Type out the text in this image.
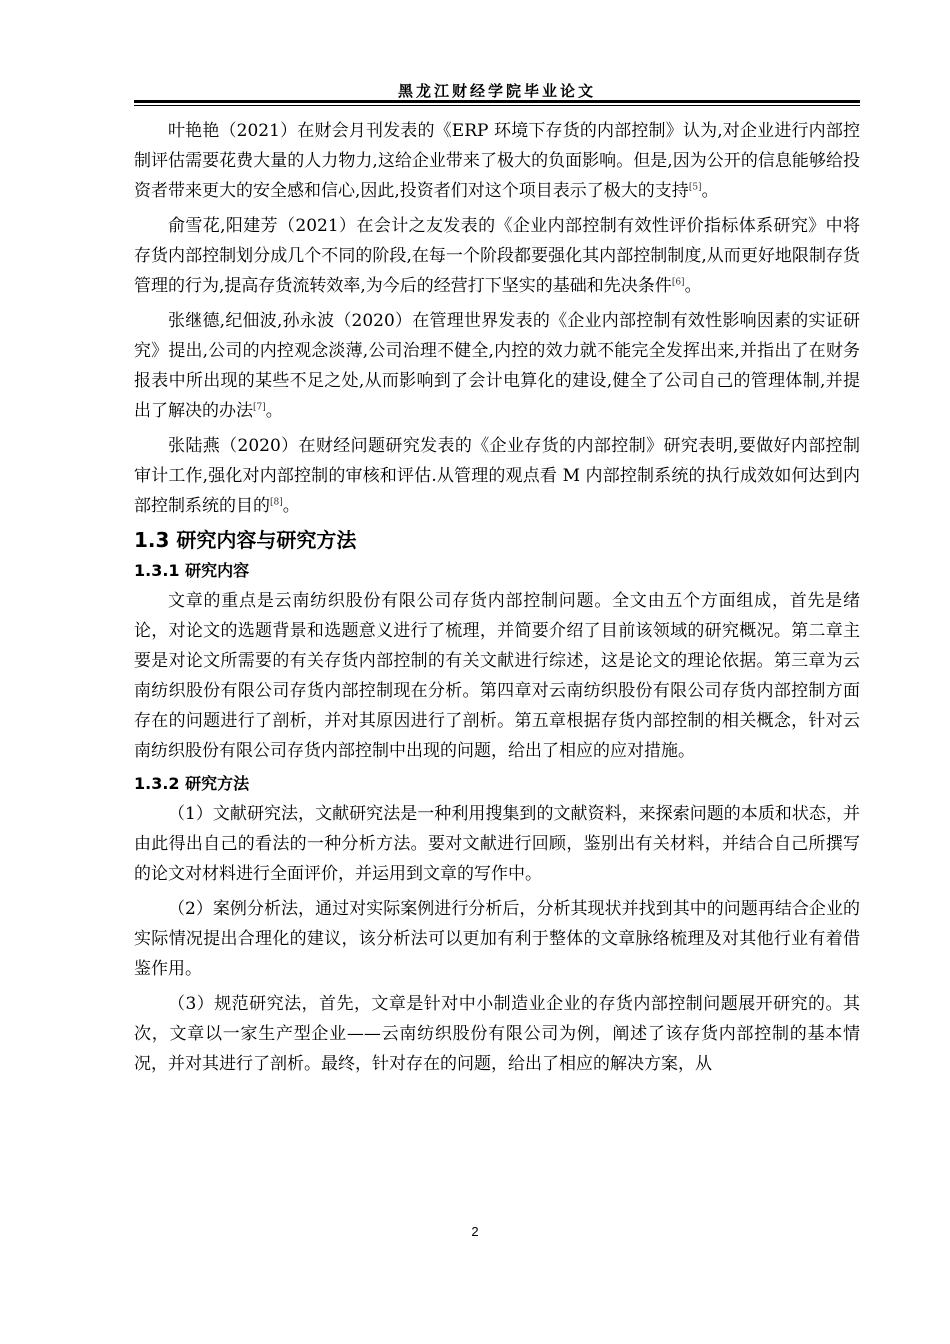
黑龙江财经学院毕业论文

叶艳艳（2021）在财会月刊发表的《ERP 环境下存货的内部控制》认为,对企业进行内部控制评估需要花费大量的人力物力,这给企业带来了极大的负面影响。但是,因为公开的信息能够给投资者带来更大的安全感和信心,因此,投资者们对这个项目表示了极大的支持[5]。

俞雪花,阳建芳（2021）在会计之友发表的《企业内部控制有效性评价指标体系研究》中将存货内部控制划分成几个不同的阶段,在每一个阶段都要强化其内部控制制度,从而更好地限制存货管理的行为,提高存货流转效率,为今后的经营打下坚实的基础和先决条件[6]。

张继德,纪佃波,孙永波（2020）在管理世界发表的《企业内部控制有效性影响因素的实证研究》提出,公司的内控观念淡薄,公司治理不健全,内控的效力就不能完全发挥出来,并指出了在财务报表中所出现的某些不足之处,从而影响到了会计电算化的建设,健全了公司自己的管理体制,并提出了解决的办法[7]。

张陆燕（2020）在财经问题研究发表的《企业存货的内部控制》研究表明,要做好内部控制审计工作,强化对内部控制的审核和评估.从管理的观点看 M 内部控制系统的执行成效如何达到内部控制系统的目的[8]。

1.3 研究内容与研究方法
1.3.1 研究内容

文章的重点是云南纺织股份有限公司存货内部控制问题。全文由五个方面组成，首先是绪论，对论文的选题背景和选题意义进行了梳理，并简要介绍了目前该领域的研究概况。第二章主要是对论文所需要的有关存货内部控制的有关文献进行综述，这是论文的理论依据。第三章为云南纺织股份有限公司存货内部控制现在分析。第四章对云南纺织股份有限公司存货内部控制方面存在的问题进行了剖析，并对其原因进行了剖析。第五章根据存货内部控制的相关概念，针对云南纺织股份有限公司存货内部控制中出现的问题，给出了相应的应对措施。

1.3.2 研究方法

（1）文献研究法，文献研究法是一种利用搜集到的文献资料，来探索问题的本质和状态，并由此得出自己的看法的一种分析方法。要对文献进行回顾，鉴别出有关材料，并结合自己所撰写的论文对材料进行全面评价，并运用到文章的写作中。

（2）案例分析法，通过对实际案例进行分析后，分析其现状并找到其中的问题再结合企业的实际情况提出合理化的建议，该分析法可以更加有利于整体的文章脉络梳理及对其他行业有着借鉴作用。

（3）规范研究法，首先，文章是针对中小制造业企业的存货内部控制问题展开研究的。其次，文章以一家生产型企业——云南纺织股份有限公司为例，阐述了该存货内部控制的基本情况，并对其进行了剖析。最终，针对存在的问题，给出了相应的解决方案，从

2
